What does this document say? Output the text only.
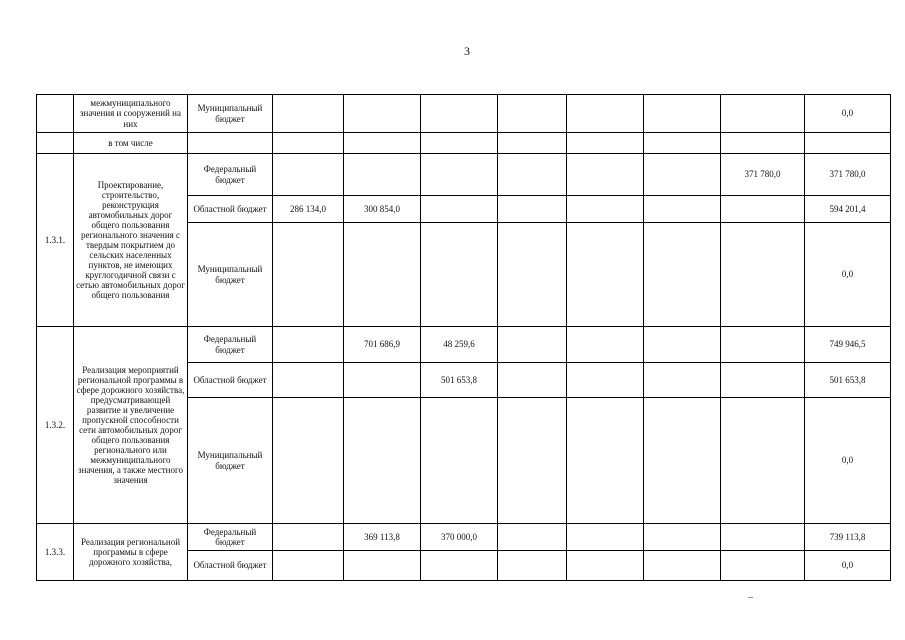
3
	межмуниципального значения и сооружений на них	Муниципальный бюджет								0,0
	в том числе									
1.3.1.	Проектирование, строительство, реконструкция автомобильных дорог общего пользования регионального значения с твердым покрытием до сельских населенных пунктов, не имеющих круглогодичной связи с сетью автомобильных дорог общего пользования	Федеральный бюджет							371 780,0	371 780,0
		Областной бюджет	286 134,0	300 854,0						594 201,4
		Муниципальный бюджет								0,0
1.3.2.	Реализация мероприятий региональной программы в сфере дорожного хозяйства, предусматривающей развитие и увеличение пропускной способности сети автомобильных дорог общего пользования регионального или межмуниципального значения, а также местного значения	Федеральный бюджет		701 686,9	48 259,6					749 946,5
		Областной бюджет			501 653,8					501 653,8
		Муниципальный бюджет								0,0
1.3.3.	Реализация региональной программы в сфере дорожного хозяйства,	Федеральный бюджет		369 113,8	370 000,0					739 113,8
		Областной бюджет								0,0
